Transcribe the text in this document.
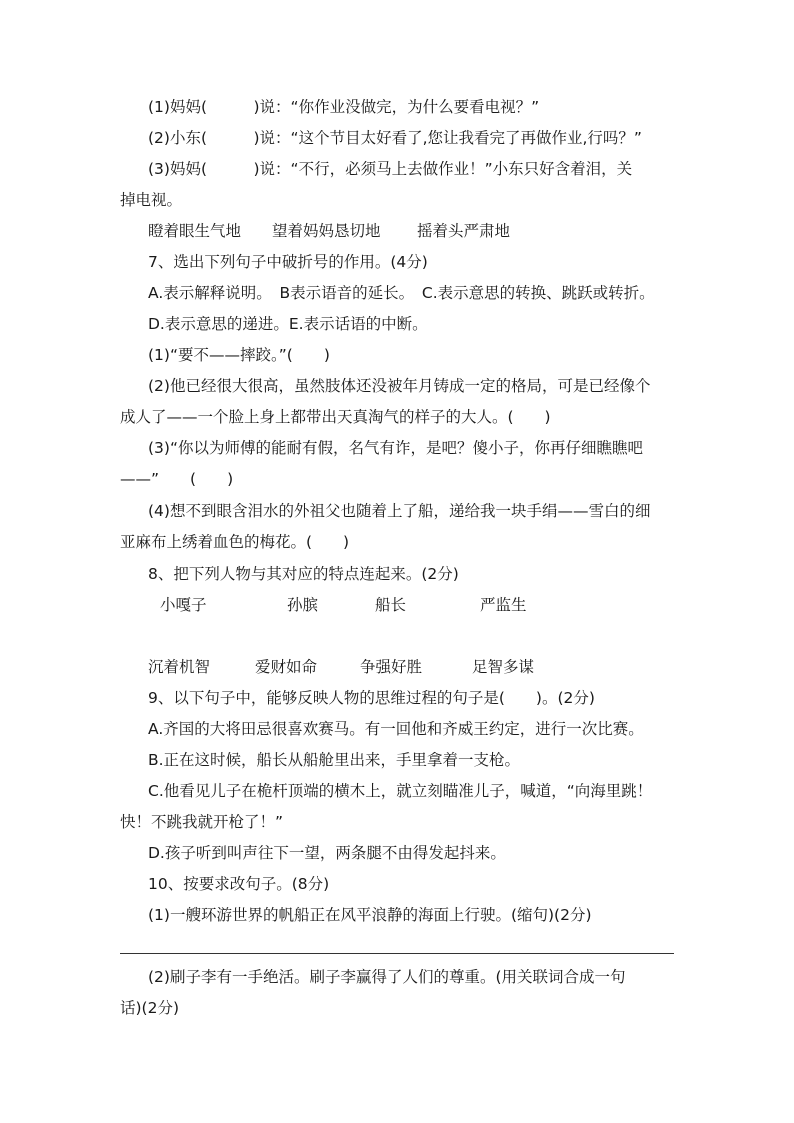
(1)妈妈(　　　)说：“你作业没做完，为什么要看电视？”
(2)小东(　　　)说：“这个节目太好看了,您让我看完了再做作业,行吗？”
(3)妈妈(　　　)说：“不行，必须马上去做作业！”小东只好含着泪，关
掉电视。
瞪着眼生气地 望着妈妈恳切地 摇着头严肃地
7、选出下列句子中破折号的作用。(4分)
A.表示解释说明。　B表示语音的延长。　C.表示意思的转换、跳跃或转折。
D.表示意思的递进。E.表示话语的中断。
(1)“要不——摔跤。”(　　)
(2)他已经很大很高，虽然肢体还没被年月铸成一定的格局，可是已经像个
成人了——一个脸上身上都带出天真淘气的样子的大人。(　　)
(3)“你以为师傅的能耐有假，名气有诈，是吧？傻小子，你再仔细瞧瞧吧
——”　　(　　)
(4)想不到眼含泪水的外祖父也随着上了船，递给我一块手绢——雪白的细
亚麻布上绣着血色的梅花。(　　)
8、把下列人物与其对应的特点连起来。(2分)
小嘎子	孙膑	船长	严监生
沉着机智	爱财如命	争强好胜	足智多谋
9、以下句子中，能够反映人物的思维过程的句子是(　　)。(2分)
A.齐国的大将田忌很喜欢赛马。有一回他和齐威王约定，进行一次比赛。
B.正在这时候，船长从船舱里出来，手里拿着一支枪。
C.他看见儿子在桅杆顶端的横木上，就立刻瞄准儿子，喊道，“向海里跳！
快！不跳我就开枪了！”
D.孩子听到叫声往下一望，两条腿不由得发起抖来。
10、按要求改句子。(8分)
(1)一艘环游世界的帆船正在风平浪静的海面上行驶。(缩句)(2分)
(2)刷子李有一手绝活。刷子李赢得了人们的尊重。(用关联词合成一句
话)(2分)
